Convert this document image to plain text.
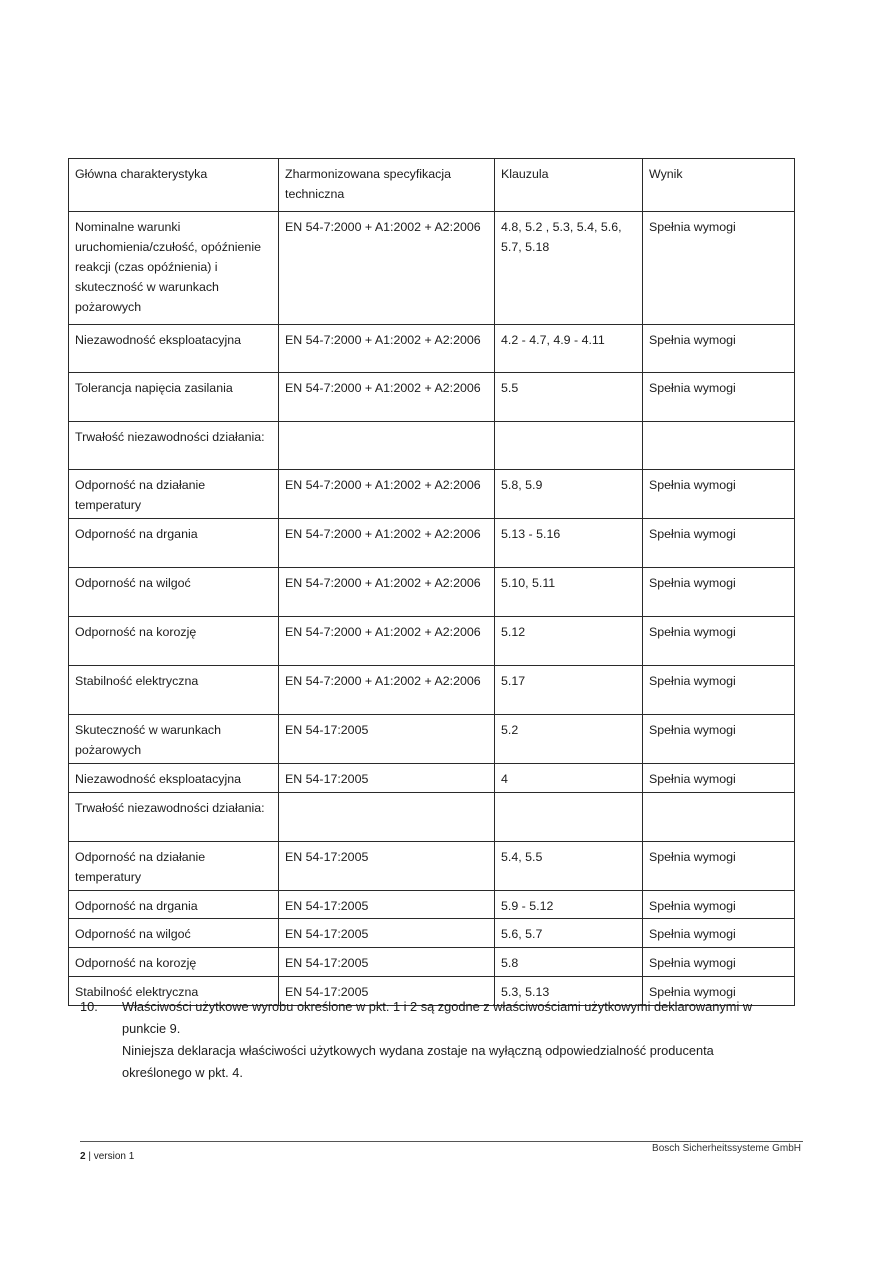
Główna charakterystyka	Zharmonizowana specyfikacja techniczna	Klauzula	Wynik
Nominalne warunki uruchomienia/czułość, opóźnienie reakcji (czas opóźnienia) i skuteczność w warunkach pożarowych	EN 54-7:2000 + A1:2002 + A2:2006	4.8, 5.2 , 5.3, 5.4, 5.6, 5.7, 5.18	Spełnia wymogi
Niezawodność eksploatacyjna	EN 54-7:2000 + A1:2002 + A2:2006	4.2 - 4.7, 4.9 - 4.11	Spełnia wymogi
Tolerancja napięcia zasilania	EN 54-7:2000 + A1:2002 + A2:2006	5.5	Spełnia wymogi
Trwałość niezawodności działania:			
Odporność na działanie temperatury	EN 54-7:2000 + A1:2002 + A2:2006	5.8, 5.9	Spełnia wymogi
Odporność na drgania	EN 54-7:2000 + A1:2002 + A2:2006	5.13 - 5.16	Spełnia wymogi
Odporność na wilgoć	EN 54-7:2000 + A1:2002 + A2:2006	5.10, 5.11	Spełnia wymogi
Odporność na korozję	EN 54-7:2000 + A1:2002 + A2:2006	5.12	Spełnia wymogi
Stabilność elektryczna	EN 54-7:2000 + A1:2002 + A2:2006	5.17	Spełnia wymogi
Skuteczność w warunkach pożarowych	EN 54-17:2005	5.2	Spełnia wymogi
Niezawodność eksploatacyjna	EN 54-17:2005	4	Spełnia wymogi
Trwałość niezawodności działania:			
Odporność na działanie temperatury	EN 54-17:2005	5.4, 5.5	Spełnia wymogi
Odporność na drgania	EN 54-17:2005	5.9 - 5.12	Spełnia wymogi
Odporność na wilgoć	EN 54-17:2005	5.6, 5.7	Spełnia wymogi
Odporność na korozję	EN 54-17:2005	5.8	Spełnia wymogi
Stabilność elektryczna	EN 54-17:2005	5.3, 5.13	Spełnia wymogi
10. Właściwości użytkowe wyrobu określone w pkt. 1 i 2 są zgodne z właściwościami użytkowymi deklarowanymi w punkcie 9.
Niniejsza deklaracja właściwości użytkowych wydana zostaje na wyłączną odpowiedzialność producenta określonego w pkt. 4.
2 | version 1
Bosch Sicherheitssysteme GmbH
